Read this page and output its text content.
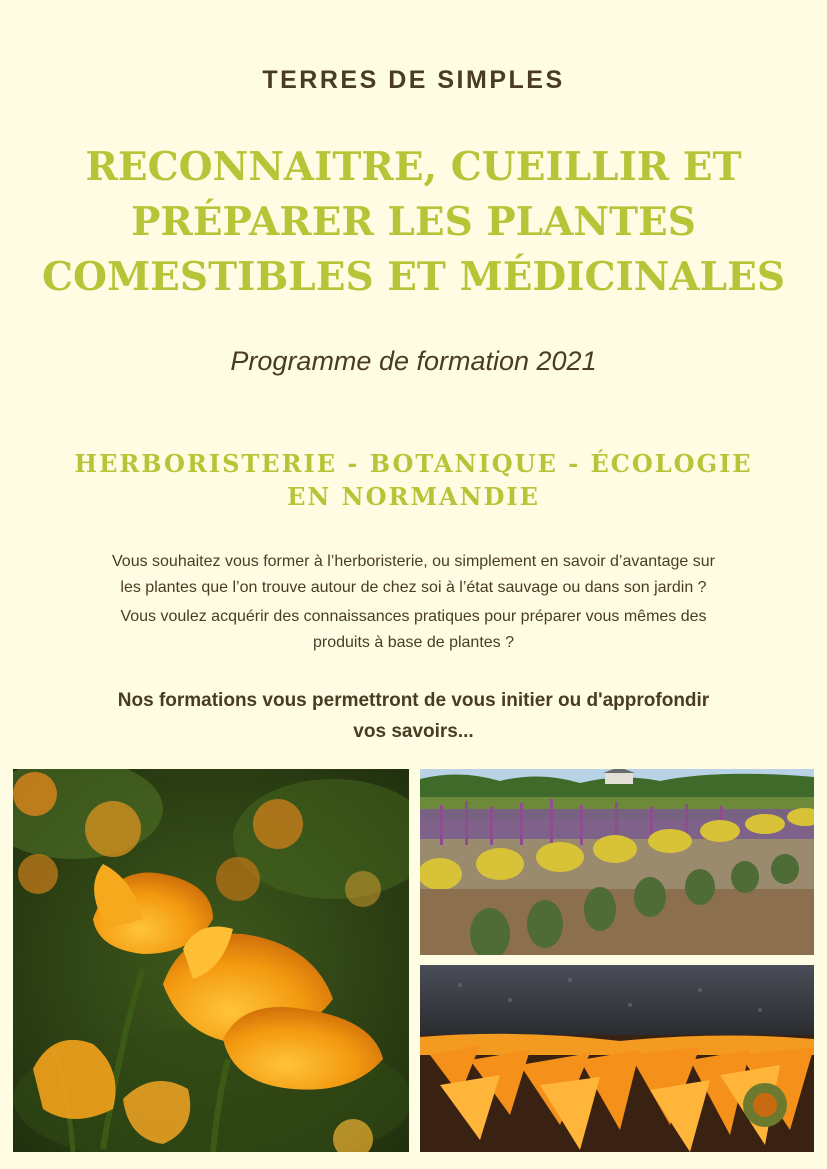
TERRES DE SIMPLES
RECONNAITRE, CUEILLIR ET
PRÉPARER LES PLANTES
COMESTIBLES ET MÉDICINALES
Programme de formation 2021
HERBORISTERIE - BOTANIQUE - ÉCOLOGIE
EN NORMANDIE

Vous souhaitez vous former à l’herboristerie, ou simplement en savoir d’avantage sur
les plantes que l’on trouve autour de chez soi à l’état sauvage ou dans son jardin ?

Vous voulez acquérir des connaissances pratiques pour préparer vous mêmes des
produits à base de plantes ?

Nos formations vous permettront de vous initier ou d'approfondir
vos savoirs...
